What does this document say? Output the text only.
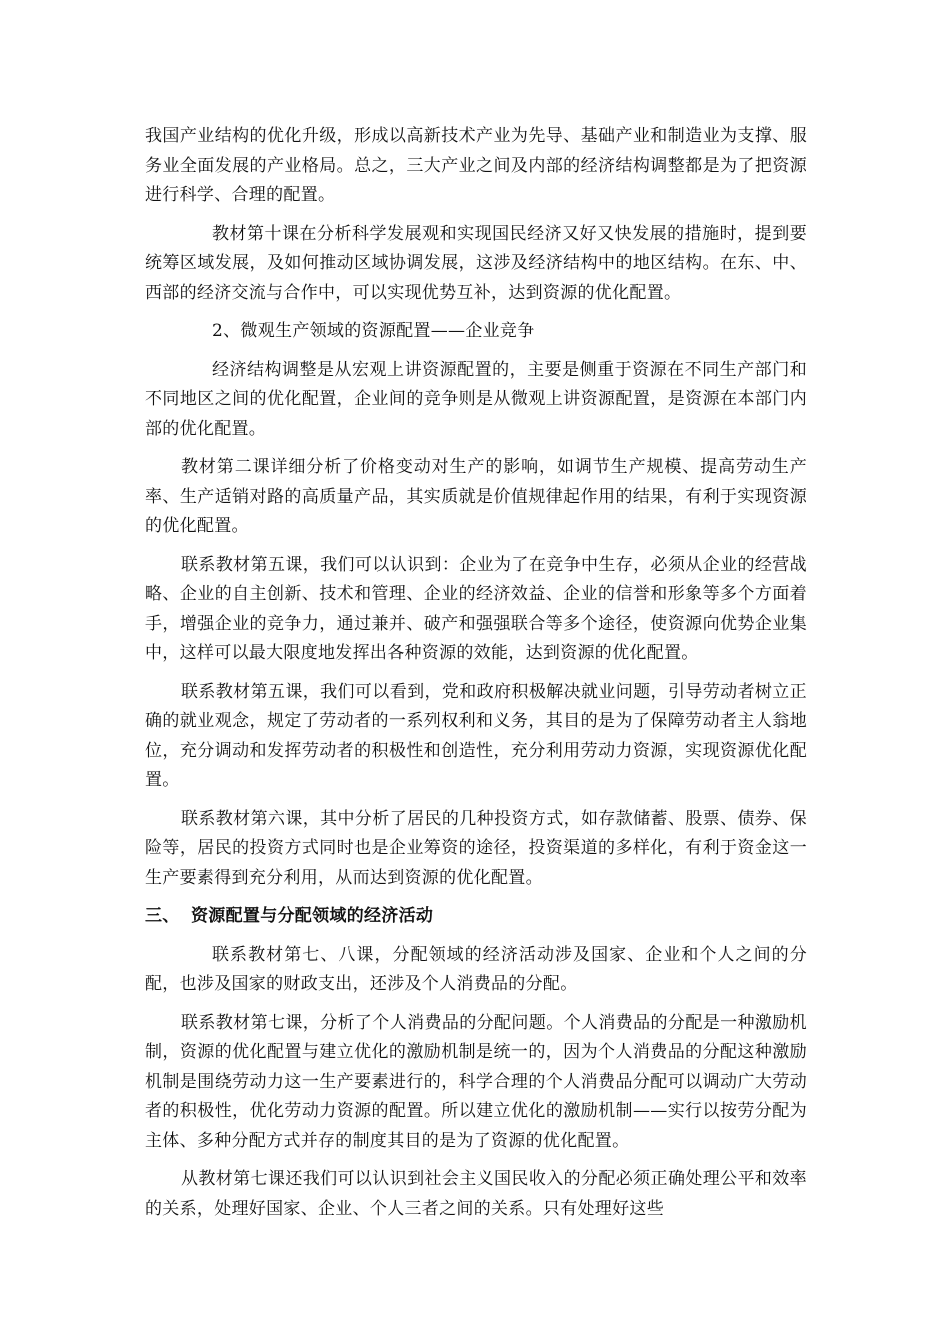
我国产业结构的优化升级，形成以高新技术产业为先导、基础产业和制造业为支撑、服务业全面发展的产业格局。总之，三大产业之间及内部的经济结构调整都是为了把资源进行科学、合理的配置。

教材第十课在分析科学发展观和实现国民经济又好又快发展的措施时，提到要统筹区域发展，及如何推动区域协调发展，这涉及经济结构中的地区结构。在东、中、西部的经济交流与合作中，可以实现优势互补，达到资源的优化配置。

2、微观生产领域的资源配置——企业竞争

经济结构调整是从宏观上讲资源配置的，主要是侧重于资源在不同生产部门和不同地区之间的优化配置，企业间的竞争则是从微观上讲资源配置，是资源在本部门内部的优化配置。

教材第二课详细分析了价格变动对生产的影响，如调节生产规模、提高劳动生产率、生产适销对路的高质量产品，其实质就是价值规律起作用的结果，有利于实现资源的优化配置。

联系教材第五课，我们可以认识到：企业为了在竞争中生存，必须从企业的经营战略、企业的自主创新、技术和管理、企业的经济效益、企业的信誉和形象等多个方面着手，增强企业的竞争力，通过兼并、破产和强强联合等多个途径，使资源向优势企业集中，这样可以最大限度地发挥出各种资源的效能，达到资源的优化配置。

联系教材第五课，我们可以看到，党和政府积极解决就业问题，引导劳动者树立正确的就业观念，规定了劳动者的一系列权利和义务，其目的是为了保障劳动者主人翁地位，充分调动和发挥劳动者的积极性和创造性，充分利用劳动力资源，实现资源优化配置。

联系教材第六课，其中分析了居民的几种投资方式，如存款储蓄、股票、债券、保险等，居民的投资方式同时也是企业筹资的途径，投资渠道的多样化，有利于资金这一生产要素得到充分利用，从而达到资源的优化配置。

三、 资源配置与分配领域的经济活动

联系教材第七、八课，分配领域的经济活动涉及国家、企业和个人之间的分配，也涉及国家的财政支出，还涉及个人消费品的分配。

联系教材第七课，分析了个人消费品的分配问题。个人消费品的分配是一种激励机制，资源的优化配置与建立优化的激励机制是统一的，因为个人消费品的分配这种激励机制是围绕劳动力这一生产要素进行的，科学合理的个人消费品分配可以调动广大劳动者的积极性，优化劳动力资源的配置。所以建立优化的激励机制——实行以按劳分配为主体、多种分配方式并存的制度其目的是为了资源的优化配置。

从教材第七课还我们可以认识到社会主义国民收入的分配必须正确处理公平和效率的关系，处理好国家、企业、个人三者之间的关系。只有处理好这些
